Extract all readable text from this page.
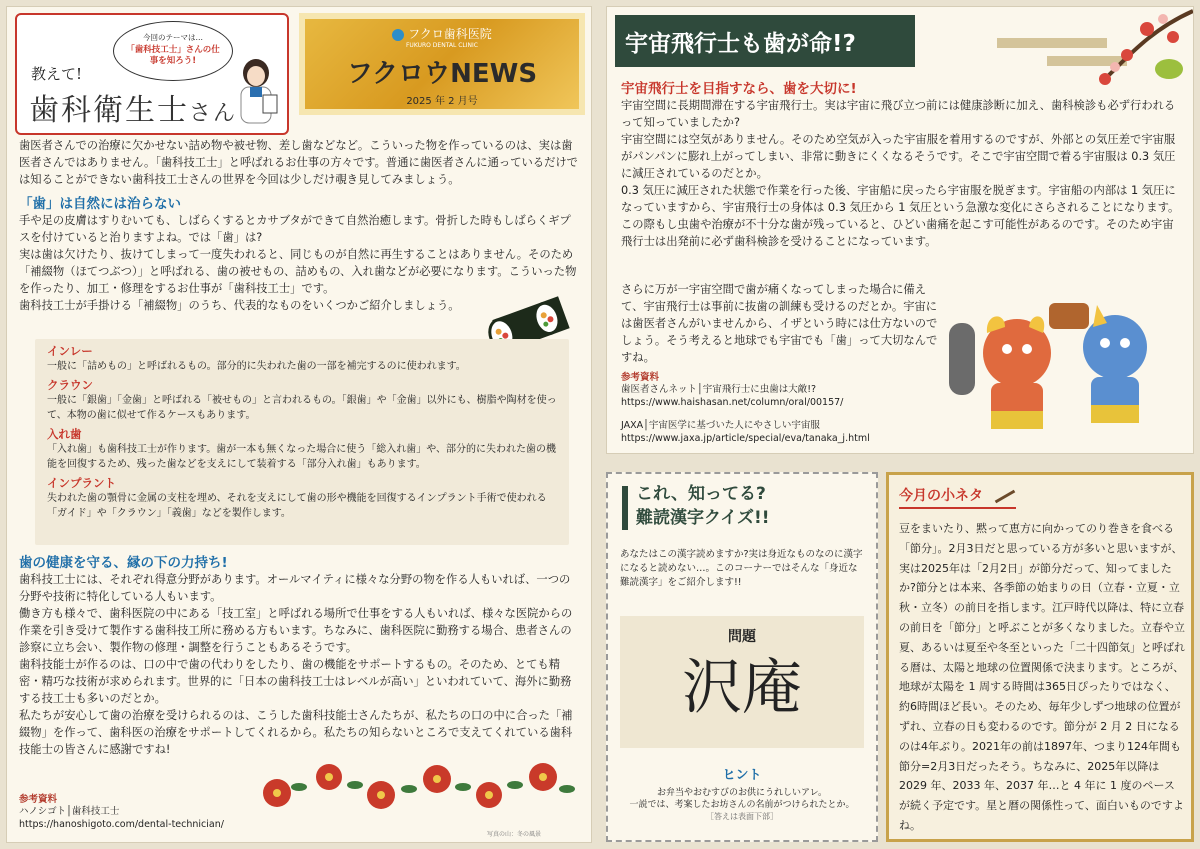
今回のテーマは…
「歯科技工士」さんの仕事を知ろう!
教えて!
歯科衛生士さん
フクロ歯科医院
FUKURO DENTAL CLINIC
フクロウNEWS
2025 年 2 月号

歯医者さんでの治療に欠かせない詰め物や被せ物、差し歯などなど。こういった物を作っているのは、実は歯医者さんではありません。「歯科技工士」と呼ばれるお仕事の方々です。普通に歯医者さんに通っているだけでは知ることができない歯科技工士さんの世界を今回は少しだけ覗き見してみましょう。

「歯」は自然には治らない

手や足の皮膚はすりむいても、しばらくするとカサブタができて自然治癒します。骨折した時もしばらくギプスを付けていると治りますよね。では「歯」は?

実は歯は欠けたり、抜けてしまって一度失われると、同じものが自然に再生することはありません。そのため「補綴物（ほてつぶつ）」と呼ばれる、歯の被せもの、詰めもの、入れ歯などが必要になります。こういった物を作ったり、加工・修理をするお仕事が「歯科技工士」です。

歯科技工士が手掛ける「補綴物」のうち、代表的なものをいくつかご紹介しましょう。

インレー

一般に「詰めもの」と呼ばれるもの。部分的に失われた歯の一部を補完するのに使われます。

クラウン

一般に「銀歯」「金歯」と呼ばれる「被せもの」と言われるもの。「銀歯」や「金歯」以外にも、樹脂や陶材を使って、本物の歯に似せて作るケースもあります。

入れ歯

「入れ歯」も歯科技工士が作ります。歯が一本も無くなった場合に使う「総入れ歯」や、部分的に失われた歯の機能を回復するため、残った歯などを支えにして装着する「部分入れ歯」もあります。

インプラント

失われた歯の顎骨に金属の支柱を埋め、それを支えにして歯の形や機能を回復するインプラント手術で使われる「ガイド」や「クラウン」「義歯」などを製作します。

歯の健康を守る、縁の下の力持ち!

歯科技工士には、それぞれ得意分野があります。オールマイティに様々な分野の物を作る人もいれば、一つの分野や技術に特化している人もいます。

働き方も様々で、歯科医院の中にある「技工室」と呼ばれる場所で仕事をする人もいれば、様々な医院からの作業を引き受けて製作する歯科技工所に務める方もいます。ちなみに、歯科医院に勤務する場合、患者さんの診察に立ち会い、製作物の修理・調整を行うこともあるそうです。

歯科技能士が作るのは、口の中で歯の代わりをしたり、歯の機能をサポートするもの。そのため、とても精密・精巧な技術が求められます。世界的に「日本の歯科技工士はレベルが高い」といわれていて、海外に勤務する技工士も多いのだとか。

私たちが安心して歯の治療を受けられるのは、こうした歯科技能士さんたちが、私たちの口の中に合った「補綴物」を作って、歯科医の治療をサポートしてくれるから。私たちの知らないところで支えてくれている歯科技能士の皆さんに感謝ですね!

参考資料

ハノシゴト│歯科技工士

https://hanoshigoto.com/dental-technician/

写真の山：冬の風景
宇宙飛行士も歯が命!?
宇宙飛行士を目指すなら、歯を大切に!

宇宙空間に長期間滞在する宇宙飛行士。実は宇宙に飛び立つ前には健康診断に加え、歯科検診も必ず行われるって知っていましたか?

宇宙空間には空気がありません。そのため空気が入った宇宙服を着用するのですが、外部との気圧差で宇宙服がパンパンに膨れ上がってしまい、非常に動きにくくなるそうです。そこで宇宙空間で着る宇宙服は 0.3 気圧に減圧されているのだとか。

0.3 気圧に減圧された状態で作業を行った後、宇宙船に戻ったら宇宙服を脱ぎます。宇宙船の内部は 1 気圧になっていますから、宇宙飛行士の身体は 0.3 気圧から 1 気圧という急激な変化にさらされることになります。

この際もし虫歯や治療が不十分な歯が残っていると、ひどい歯痛を起こす可能性があるのです。そのため宇宙飛行士は出発前に必ず歯科検診を受けることになっています。

さらに万が一宇宙空間で歯が痛くなってしまった場合に備えて、宇宙飛行士は事前に抜歯の訓練も受けるのだとか。宇宙には歯医者さんがいませんから、イザという時には仕方ないのでしょう。そう考えると地球でも宇宙でも「歯」って大切なんですね。

参考資料

歯医者さんネット│宇宙飛行士に虫歯は大敵!?

https://www.haishasan.net/column/oral/00157/

JAXA│宇宙医学に基づいた人にやさしい宇宙服

https://www.jaxa.jp/article/special/eva/tanaka_j.html

これ、知ってる?
難読漢字クイズ!!
あなたはこの漢字読めますか?実は身近なものなのに漢字になると読めない…。このコーナーではそんな「身近な難読漢字」をご紹介します!!
問題
沢庵
ヒント
お弁当やおむすびのお供にうれしいアレ。
一説では、考案したお坊さんの名前がつけられたとか。
［答えは表面下部］
今月の小ネタ
豆をまいたり、黙って恵方に向かってのり巻きを食べる「節分」。2月3日だと思っている方が多いと思いますが、実は2025年は「2月2日」が節分だって、知ってましたか?節分とは本来、各季節の始まりの日（立春・立夏・立秋・立冬）の前日を指します。江戸時代以降は、特に立春の前日を「節分」と呼ぶことが多くなりました。立春や立夏、あるいは夏至や冬至といった「二十四節気」と呼ばれる暦は、太陽と地球の位置関係で決まります。ところが、地球が太陽を 1 周する時間は365日ぴったりではなく、約6時間ほど長い。そのため、毎年少しずつ地球の位置がずれ、立春の日も変わるのです。節分が 2 月 2 日になるのは4年ぶり。2021年の前は1897年、つまり124年間も節分=2月3日だったそう。ちなみに、2025年以降は 2029 年、2033 年、2037 年…と 4 年に 1 度のペースが続く予定です。星と暦の関係性って、面白いものですよね。
